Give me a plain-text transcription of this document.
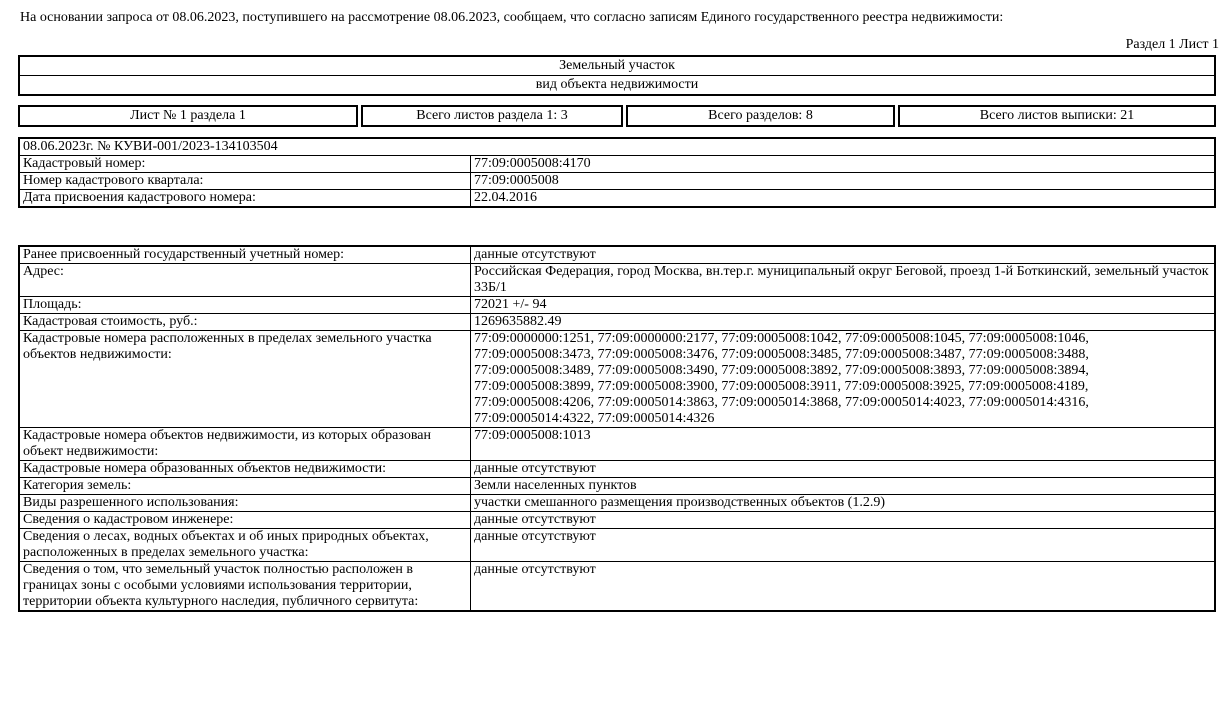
На основании запроса от 08.06.2023, поступившего на рассмотрение 08.06.2023, сообщаем, что согласно записям Единого государственного реестра недвижимости:
Раздел 1 Лист 1
Земельный участок
вид объекта недвижимости
Лист № 1 раздела 1	Всего листов раздела 1: 3	Всего разделов: 8	Всего листов выписки: 21
08.06.2023г. № КУВИ-001/2023-134103504	
Кадастровый номер:	77:09:0005008:4170
Номер кадастрового квартала:	77:09:0005008
Дата присвоения кадастрового номера:	22.04.2016
Ранее присвоенный государственный учетный номер:	данные отсутствуют
Адрес:	Российская Федерация, город Москва, вн.тер.г. муниципальный округ Беговой, проезд 1-й Боткинский, земельный участок 33Б/1
Площадь:	72021 +/- 94
Кадастровая стоимость, руб.:	1269635882.49
Кадастровые номера расположенных в пределах земельного участка объектов недвижимости:	77:09:0000000:1251, 77:09:0000000:2177, 77:09:0005008:1042, 77:09:0005008:1045, 77:09:0005008:1046, 77:09:0005008:3473, 77:09:0005008:3476, 77:09:0005008:3485, 77:09:0005008:3487, 77:09:0005008:3488, 77:09:0005008:3489, 77:09:0005008:3490, 77:09:0005008:3892, 77:09:0005008:3893, 77:09:0005008:3894, 77:09:0005008:3899, 77:09:0005008:3900, 77:09:0005008:3911, 77:09:0005008:3925, 77:09:0005008:4189, 77:09:0005008:4206, 77:09:0005014:3863, 77:09:0005014:3868, 77:09:0005014:4023, 77:09:0005014:4316, 77:09:0005014:4322, 77:09:0005014:4326
Кадастровые номера объектов недвижимости, из которых образован объект недвижимости:	77:09:0005008:1013
Кадастровые номера образованных объектов недвижимости:	данные отсутствуют
Категория земель:	Земли населенных пунктов
Виды разрешенного использования:	участки смешанного размещения производственных объектов (1.2.9)
Сведения о кадастровом инженере:	данные отсутствуют
Сведения о лесах, водных объектах и об иных природных объектах, расположенных в пределах земельного участка:	данные отсутствуют
Сведения о том, что земельный участок полностью расположен в границах зоны с особыми условиями использования территории, территории объекта культурного наследия, публичного сервитута:	данные отсутствуют
